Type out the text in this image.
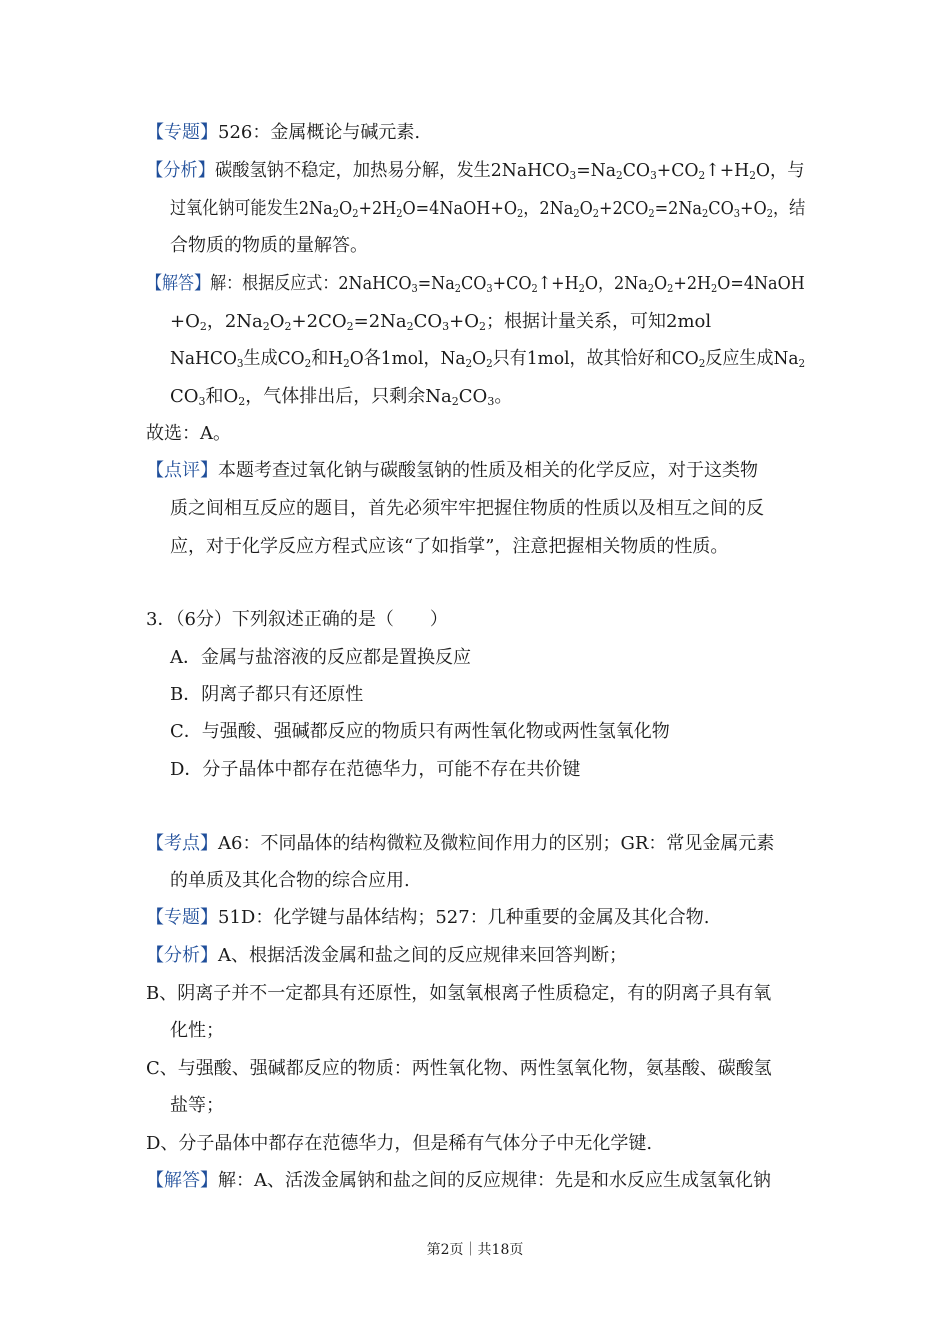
【专题】526：金属概论与碱元素.
【分析】碳酸氢钠不稳定，加热易分解，发生$2NaHCO_3=Na_2CO_3+CO_2↑+H_2O$，与
过氧化钠可能发生$2Na_2O_2+2H_2O=4NaOH+O_2$，$2Na_2O_2+2CO_2=2Na_2CO_3+O_2$，结
合物质的物质的量解答。
【解答】解：根据反应式：$2NaHCO_3=Na_2CO_3+CO_2↑+H_2O$，$2Na_2O_2+2H_2O=4NaOH$
$+O_2$，$2Na_2O_2+2CO_2=2Na_2CO_3+O_2$；根据计量关系，可知2mol
NaHCO$_3$生成$CO_2$和$H_2O$各1mol，$Na_2O_2$只有1mol，故其恰好和$CO_2$反应生成$Na_2$
$CO_3$和$O_2$，气体排出后，只剩余$Na_2CO_3$。
故选：A。
【点评】本题考查过氧化钠与碳酸氢钠的性质及相关的化学反应，对于这类物
质之间相互反应的题目，首先必须牢牢把握住物质的性质以及相互之间的反
应，对于化学反应方程式应该“了如指掌”，注意把握相关物质的性质。
3．（6分）下列叙述正确的是（　　）
A．金属与盐溶液的反应都是置换反应
B．阴离子都只有还原性
C．与强酸、强碱都反应的物质只有两性氧化物或两性氢氧化物
D．分子晶体中都存在范德华力，可能不存在共价键
【考点】A6：不同晶体的结构微粒及微粒间作用力的区别；GR：常见金属元素
的单质及其化合物的综合应用.
【专题】51D：化学键与晶体结构；527：几种重要的金属及其化合物.
【分析】A、根据活泼金属和盐之间的反应规律来回答判断；
B、阴离子并不一定都具有还原性，如氢氧根离子性质稳定，有的阴离子具有氧
化性；
C、与强酸、强碱都反应的物质：两性氧化物、两性氢氧化物，氨基酸、碳酸氢
盐等；
D、分子晶体中都存在范德华力，但是稀有气体分子中无化学键.
【解答】解：A、活泼金属钠和盐之间的反应规律：先是和水反应生成氢氧化钠
第2页｜共18页
